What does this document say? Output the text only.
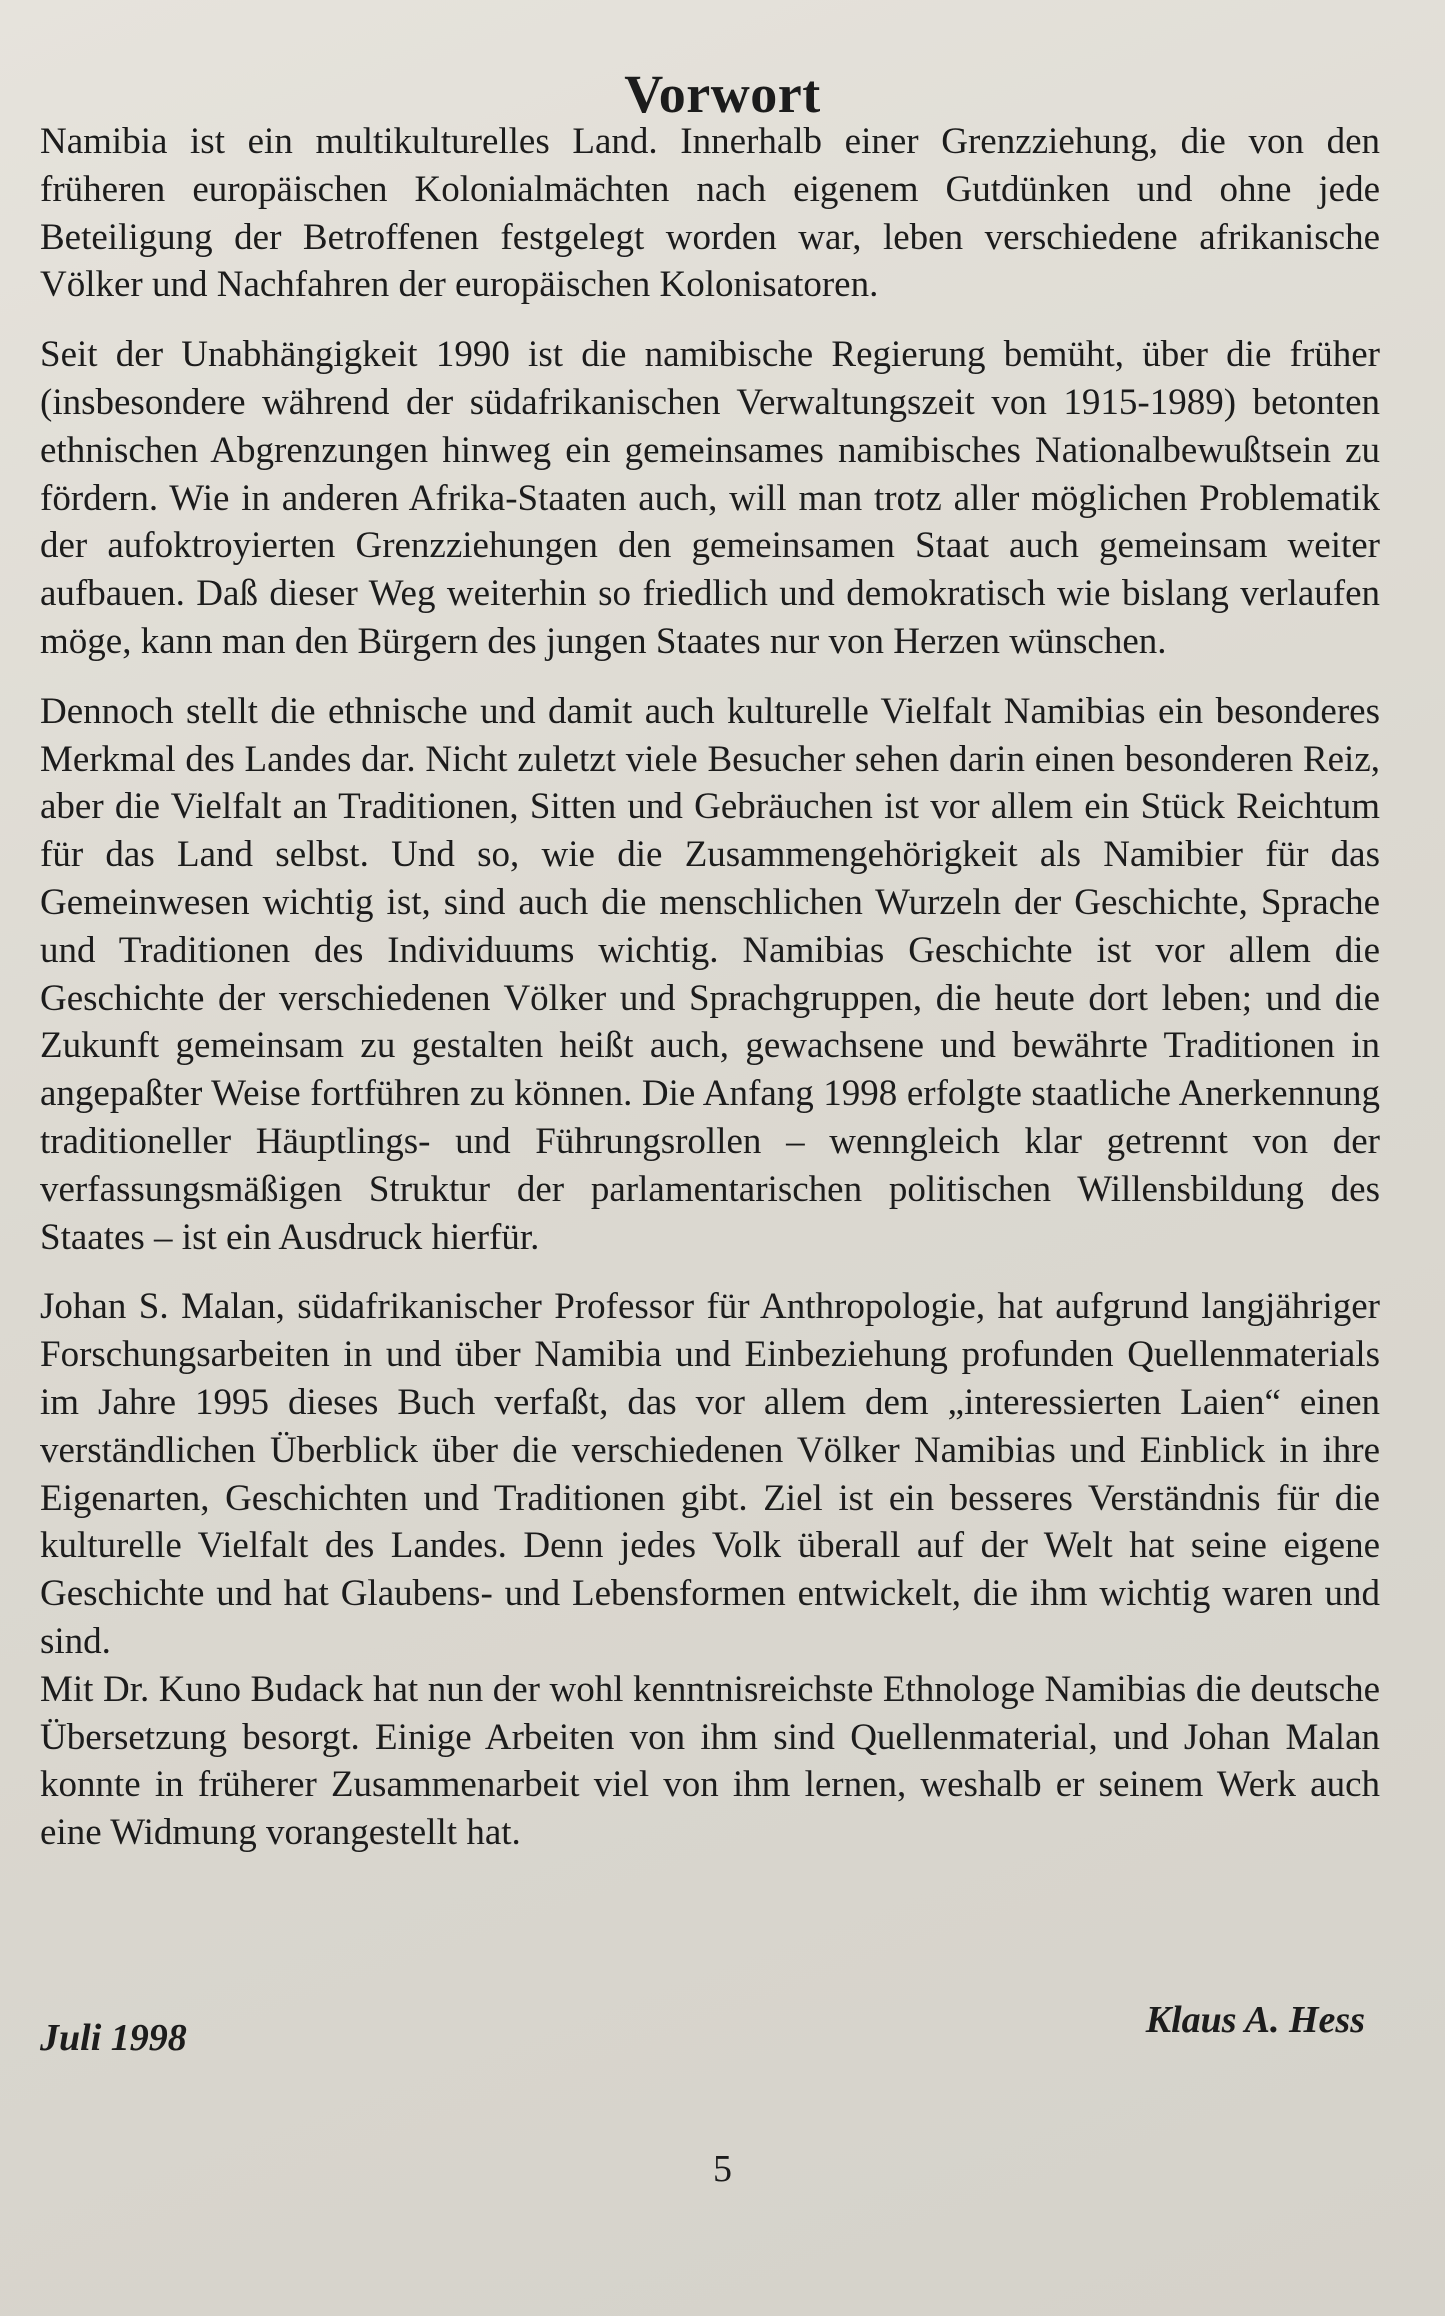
Vorwort

Namibia ist ein multikulturelles Land. Innerhalb einer Grenzziehung, die von den früheren europäischen Kolonialmächten nach eigenem Gutdünken und ohne jede Beteiligung der Betroffenen festgelegt worden war, leben verschiedene afrikanische Völker und Nachfahren der europäischen Kolonisatoren.

Seit der Unabhängigkeit 1990 ist die namibische Regierung bemüht, über die früher (insbesondere während der südafrikanischen Verwaltungszeit von 1915-1989) betonten ethnischen Abgrenzungen hinweg ein gemeinsames namibisches Nationalbewußtsein zu fördern. Wie in anderen Afrika-Staaten auch, will man trotz aller möglichen Problematik der aufoktroyierten Grenzziehungen den gemeinsamen Staat auch gemeinsam weiter aufbauen. Daß dieser Weg weiterhin so friedlich und demokratisch wie bislang verlaufen möge, kann man den Bürgern des jungen Staates nur von Herzen wünschen.

Dennoch stellt die ethnische und damit auch kulturelle Vielfalt Namibias ein besonderes Merkmal des Landes dar. Nicht zuletzt viele Besucher sehen darin einen besonderen Reiz, aber die Vielfalt an Traditionen, Sitten und Gebräuchen ist vor allem ein Stück Reichtum für das Land selbst. Und so, wie die Zusammengehörigkeit als Namibier für das Gemeinwesen wichtig ist, sind auch die menschlichen Wurzeln der Geschichte, Sprache und Traditionen des Individuums wichtig. Namibias Geschichte ist vor allem die Geschichte der verschiedenen Völker und Sprachgruppen, die heute dort leben; und die Zukunft gemeinsam zu gestalten heißt auch, gewachsene und bewährte Traditionen in angepaßter Weise fortführen zu können. Die Anfang 1998 erfolgte staatliche Anerkennung traditioneller Häuptlings- und Führungsrollen – wenngleich klar getrennt von der verfassungsmäßigen Struktur der parlamentarischen politischen Willensbildung des Staates – ist ein Ausdruck hierfür.

Johan S. Malan, südafrikanischer Professor für Anthropologie, hat aufgrund langjähriger Forschungsarbeiten in und über Namibia und Einbeziehung profunden Quellenmaterials im Jahre 1995 dieses Buch verfaßt, das vor allem dem „interessierten Laien“ einen verständlichen Überblick über die verschiedenen Völker Namibias und Einblick in ihre Eigenarten, Geschichten und Traditionen gibt. Ziel ist ein besseres Verständnis für die kulturelle Vielfalt des Landes. Denn jedes Volk überall auf der Welt hat seine eigene Geschichte und hat Glaubens- und Lebensformen entwickelt, die ihm wichtig waren und sind.

Mit Dr. Kuno Budack hat nun der wohl kenntnisreichste Ethnologe Namibias die deutsche Übersetzung besorgt. Einige Arbeiten von ihm sind Quellenmaterial, und Johan Malan konnte in früherer Zusammenarbeit viel von ihm lernen, weshalb er seinem Werk auch eine Widmung vorangestellt hat.

Juli 1998	Klaus A. Hess
5
